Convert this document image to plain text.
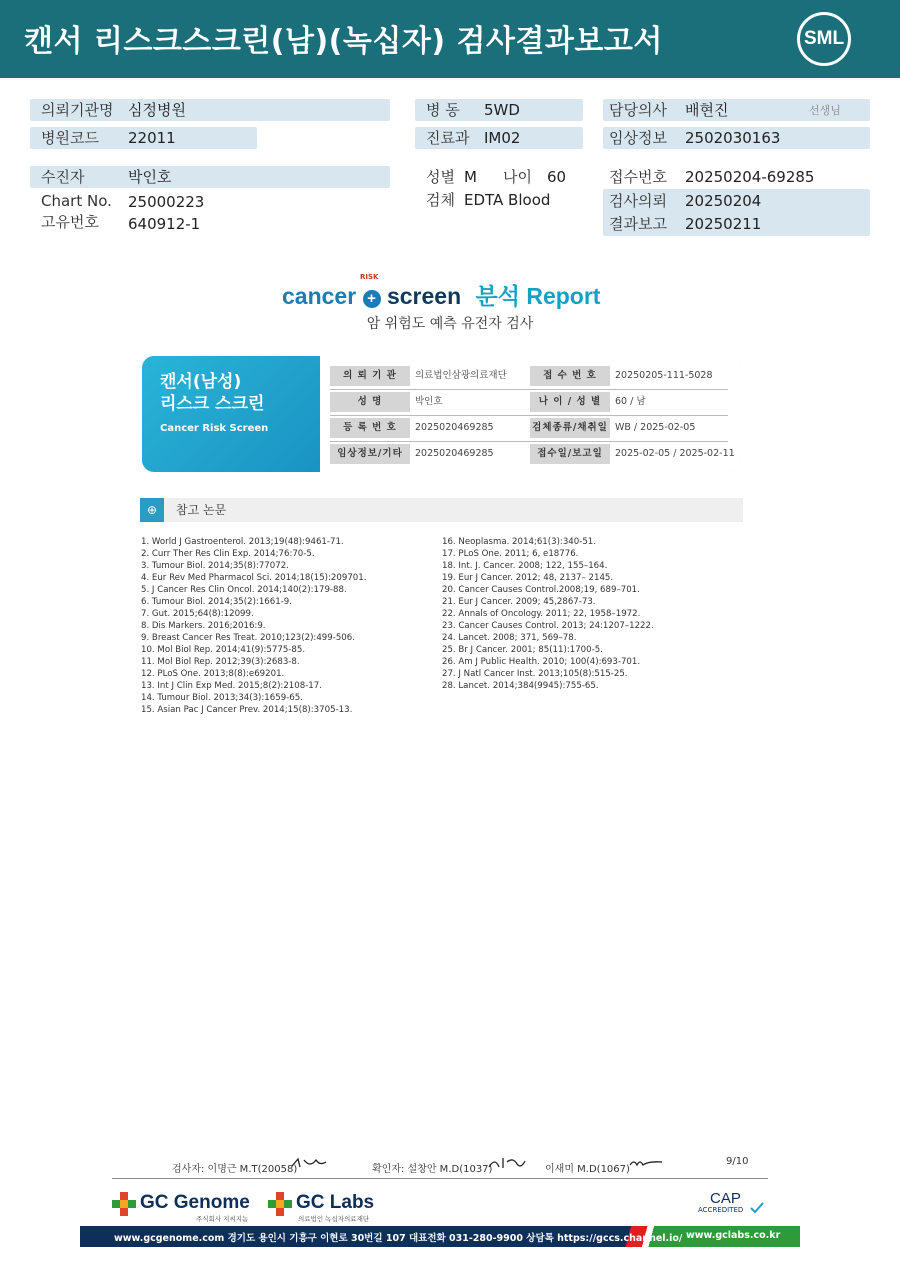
캔서 리스크스크린(남)(녹십자) 검사결과보고서	SML
의뢰기관명 심정병원
병원코드 22011
병 동 5WD
진료과 IM02
담당의사 배현진	선생님
임상정보 2502030163
수진자	박인호
Chart No. 25000223
고유번호 640912-1
성별 M 나이 60
검체 EDTA Blood
접수번호 20250204-69285
검사의뢰 20250204
결과보고 20250211
cancer + screen 분석 Report
RISK
암 위험도 예측 유전자 검사
캔서(남성)
리스크 스크린
Cancer Risk Screen
의 뢰 기 관	의료법인삼광의료재단	접 수 번 호	20250205-111-5028
성 명	박인호	나 이 / 성 별	60 / 남
등 록 번 호	2025020469285	검체종류/채취일 WB / 2025-02-05
임상정보/기타	2025020469285	접수일/보고일	2025-02-05 / 2025-02-11
⊕	참고 논문
1. World J Gastroenterol. 2013;19(48):9461-71.
2. Curr Ther Res Clin Exp. 2014;76:70-5.
3. Tumour Biol. 2014;35(8):77072.
4. Eur Rev Med Pharmacol Sci. 2014;18(15):209701.
5. J Cancer Res Clin Oncol. 2014;140(2):179-88.
6. Tumour Biol. 2014;35(2):1661-9.
7. Gut. 2015;64(8):12099.
8. Dis Markers. 2016;2016:9.
9. Breast Cancer Res Treat. 2010;123(2):499-506.
10. Mol Biol Rep. 2014;41(9):5775-85.
11. Mol Biol Rep. 2012;39(3):2683-8.
12. PLoS One. 2013;8(8):e69201.
13. Int J Clin Exp Med. 2015;8(2):2108-17.
14. Tumour Biol. 2013;34(3):1659-65.
15. Asian Pac J Cancer Prev. 2014;15(8):3705-13.
16. Neoplasma. 2014;61(3):340-51.
17. PLoS One. 2011; 6, e18776.
18. Int. J. Cancer. 2008; 122, 155–164.
19. Eur J Cancer. 2012; 48, 2137– 2145.
20. Cancer Causes Control.2008;19, 689–701.
21. Eur J Cancer. 2009; 45,2867-73.
22. Annals of Oncology. 2011; 22, 1958–1972.
23. Cancer Causes Control. 2013; 24:1207–1222.
24. Lancet. 2008; 371, 569–78.
25. Br J Cancer. 2001; 85(11):1700-5.
26. Am J Public Health. 2010; 100(4):693-701.
27. J Natl Cancer Inst. 2013;105(8):515-25.
28. Lancet. 2014;384(9945):755-65.
검사자: 이명근 M.T(20058)	확인자: 설창안 M.D(1037)	이새미 M.D(1067)
9/10
GC Genome
주식회사 지씨지놈
GC Labs
의료법인 녹십자의료재단
CAP
ACCREDITED
www.gcgenome.com 경기도 용인시 기흥구 이현로 30번길 107 대표전화 031-280-9900 상담톡 https://gccs.channel.io/ www.gclabs.co.kr
